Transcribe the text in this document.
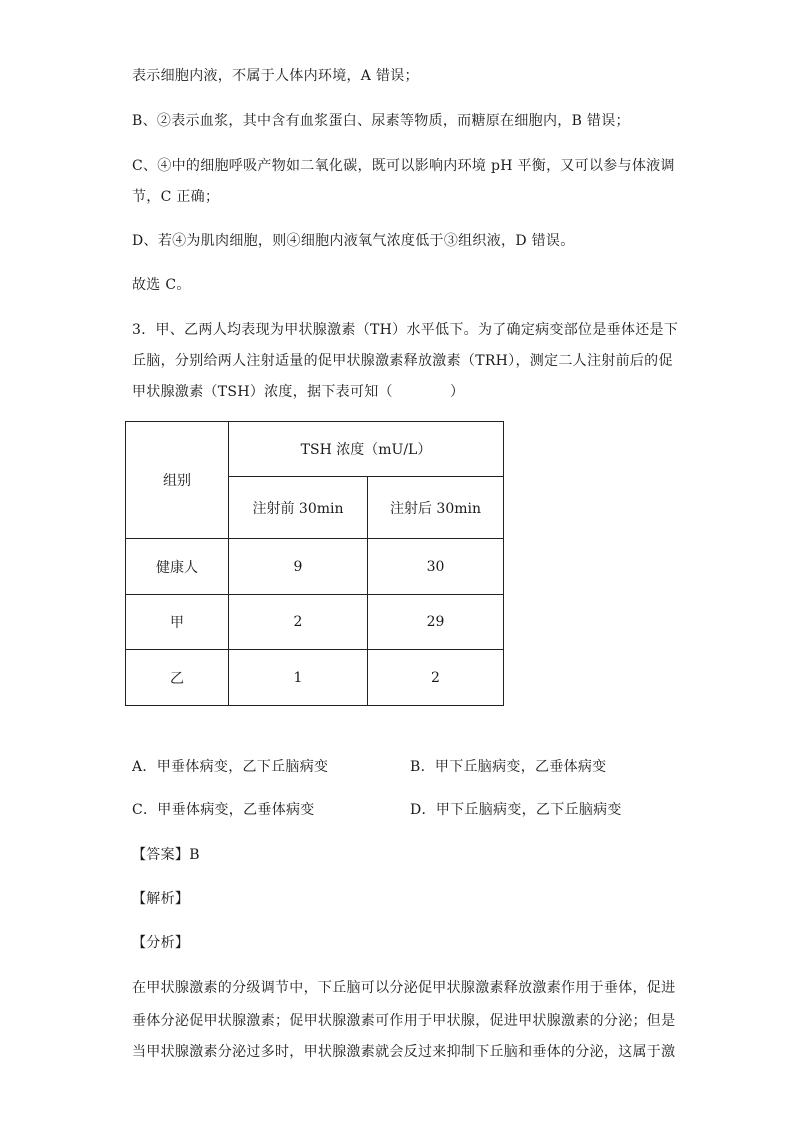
表示细胞内液，不属于人体内环境，A 错误；
B、②表示血浆，其中含有血浆蛋白、尿素等物质，而糖原在细胞内，B 错误；
C、④中的细胞呼吸产物如二氧化碳，既可以影响内环境 pH 平衡，又可以参与体液调
节，C 正确；
D、若④为肌肉细胞，则④细胞内液氧气浓度低于③组织液，D 错误。
故选 C。
3．甲、乙两人均表现为甲状腺激素（TH）水平低下。为了确定病变部位是垂体还是下
丘脑，分别给两人注射适量的促甲状腺激素释放激素（TRH），测定二人注射前后的促
甲状腺激素（TSH）浓度，据下表可知（　　　　）
组别	TSH 浓度（mU/L）	
	注射前 30min	注射后 30min
健康人	9	30
甲	2	29
乙	1	2
A．甲垂体病变，乙下丘脑病变	B．甲下丘脑病变，乙垂体病变
C．甲垂体病变，乙垂体病变	D．甲下丘脑病变，乙下丘脑病变
【答案】B
【解析】
【分析】
在甲状腺激素的分级调节中，下丘脑可以分泌促甲状腺激素释放激素作用于垂体，促进
垂体分泌促甲状腺激素；促甲状腺激素可作用于甲状腺，促进甲状腺激素的分泌；但是
当甲状腺激素分泌过多时，甲状腺激素就会反过来抑制下丘脑和垂体的分泌，这属于激
